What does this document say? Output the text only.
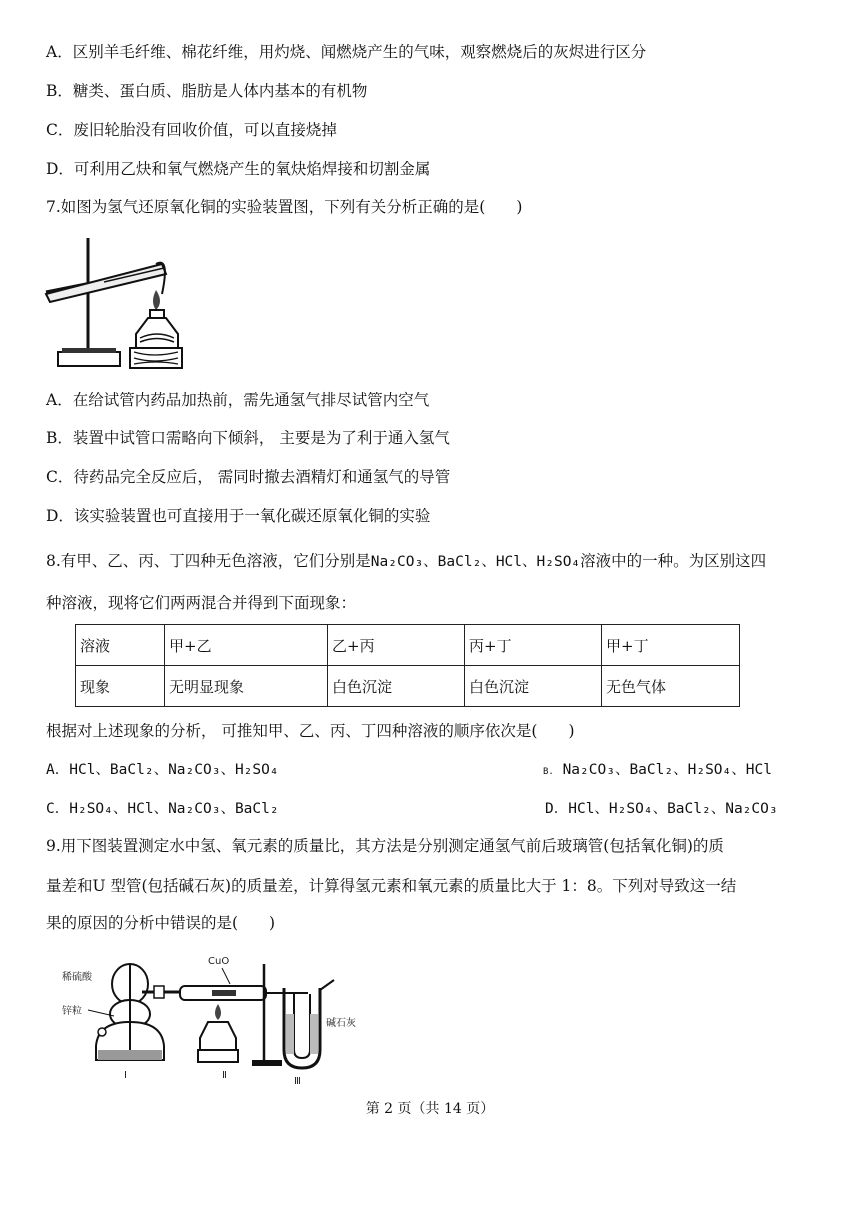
A．区别羊毛纤维、棉花纤维，用灼烧、闻燃烧产生的气味，观察燃烧后的灰烬进行区分
B．糖类、蛋白质、脂肪是人体内基本的有机物
C．废旧轮胎没有回收价值，可以直接烧掉
D．可利用乙炔和氧气燃烧产生的氧炔焰焊接和切割金属
7.如图为氢气还原氧化铜的实验装置图，下列有关分析正确的是(　　)
A．在给试管内药品加热前，需先通氢气排尽试管内空气
B．装置中试管口需略向下倾斜， 主要是为了利于通入氢气
C．待药品完全反应后， 需同时撤去酒精灯和通氢气的导管
D．该实验装置也可直接用于一氧化碳还原氧化铜的实验
8.有甲、乙、丙、丁四种无色溶液，它们分别是Na₂CO₃、BaCl₂、HCl、H₂SO₄溶液中的一种。为区别这四
种溶液，现将它们两两混合并得到下面现象：
溶液	甲+乙	乙+丙	丙+丁	甲+丁
现象	无明显现象	白色沉淀	白色沉淀	无色气体
根据对上述现象的分析， 可推知甲、乙、丙、丁四种溶液的顺序依次是(　　)
A．HCl、BaCl₂、Na₂CO₃、H₂SO₄	B. Na₂CO₃、BaCl₂、H₂SO₄、HCl
C．H₂SO₄、HCl、Na₂CO₃、BaCl₂	D．HCl、H₂SO₄、BaCl₂、Na₂CO₃
9.用下图装置测定水中氢、氧元素的质量比，其方法是分别测定通氢气前后玻璃管(包括氧化铜)的质
量差和U 型管(包括碱石灰)的质量差，计算得氢元素和氧元素的质量比大于 1：8。下列对导致这一结
果的原因的分析中错误的是(　　)
稀硫酸
锌粒
Ⅰ
CuO
Ⅱ
碱石灰
Ⅲ
第 2 页（共 14 页）
